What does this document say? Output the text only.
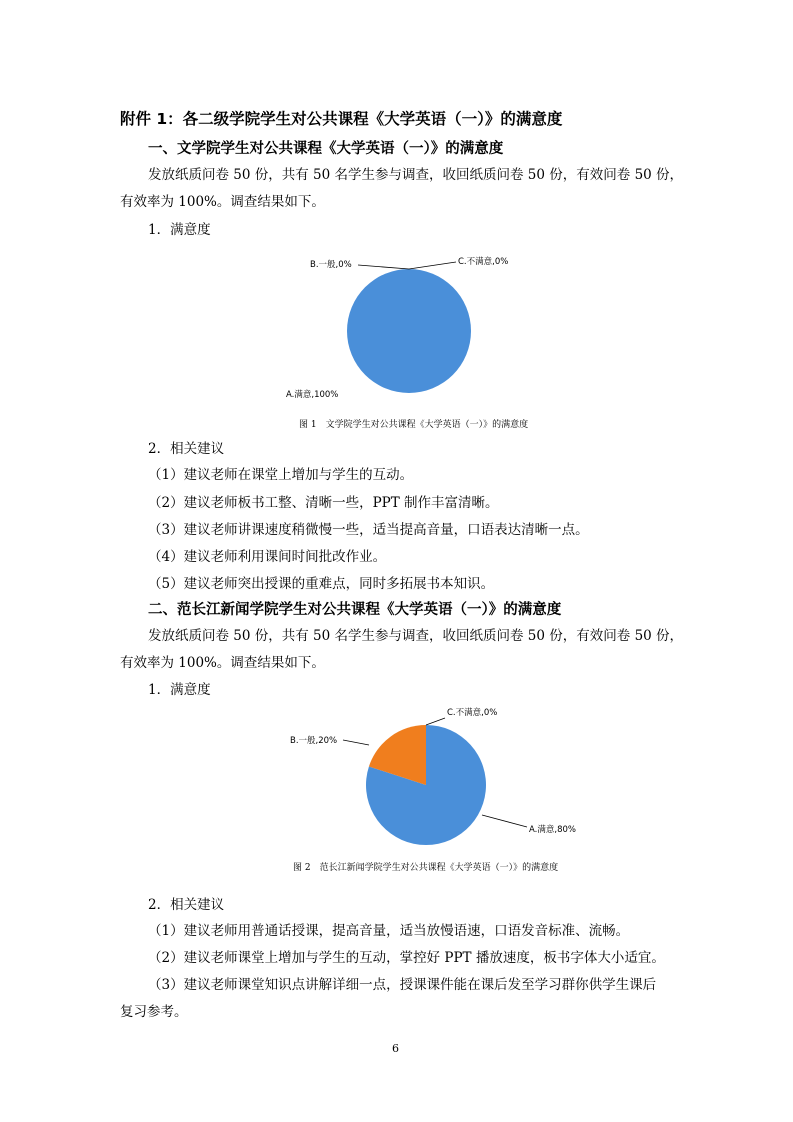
附件 1：各二级学院学生对公共课程《大学英语（一）》的满意度
一、文学院学生对公共课程《大学英语（一）》的满意度
发放纸质问卷 50 份，共有 50 名学生参与调查，收回纸质问卷 50 份，有效问卷 50 份，
有效率为 100%。调查结果如下。
1．满意度
B.一般,0%	C.不满意,0%
A.满意,100%
图 1　文学院学生对公共课程《大学英语（一）》的满意度
2．相关建议
（1）建议老师在课堂上增加与学生的互动。
（2）建议老师板书工整、清晰一些，PPT 制作丰富清晰。
（3）建议老师讲课速度稍微慢一些，适当提高音量，口语表达清晰一点。
（4）建议老师利用课间时间批改作业。
（5）建议老师突出授课的重难点，同时多拓展书本知识。
二、范长江新闻学院学生对公共课程《大学英语（一）》的满意度
发放纸质问卷 50 份，共有 50 名学生参与调查，收回纸质问卷 50 份，有效问卷 50 份，
有效率为 100%。调查结果如下。
1．满意度
C.不满意,0%
B.一般,20%
A.满意,80%
图 2　范长江新闻学院学生对公共课程《大学英语（一）》的满意度
2．相关建议
（1）建议老师用普通话授课，提高音量，适当放慢语速，口语发音标准、流畅。
（2）建议老师课堂上增加与学生的互动，掌控好 PPT 播放速度，板书字体大小适宜。
（3）建议老师课堂知识点讲解详细一点，授课课件能在课后发至学习群你供学生课后
复习参考。
6
